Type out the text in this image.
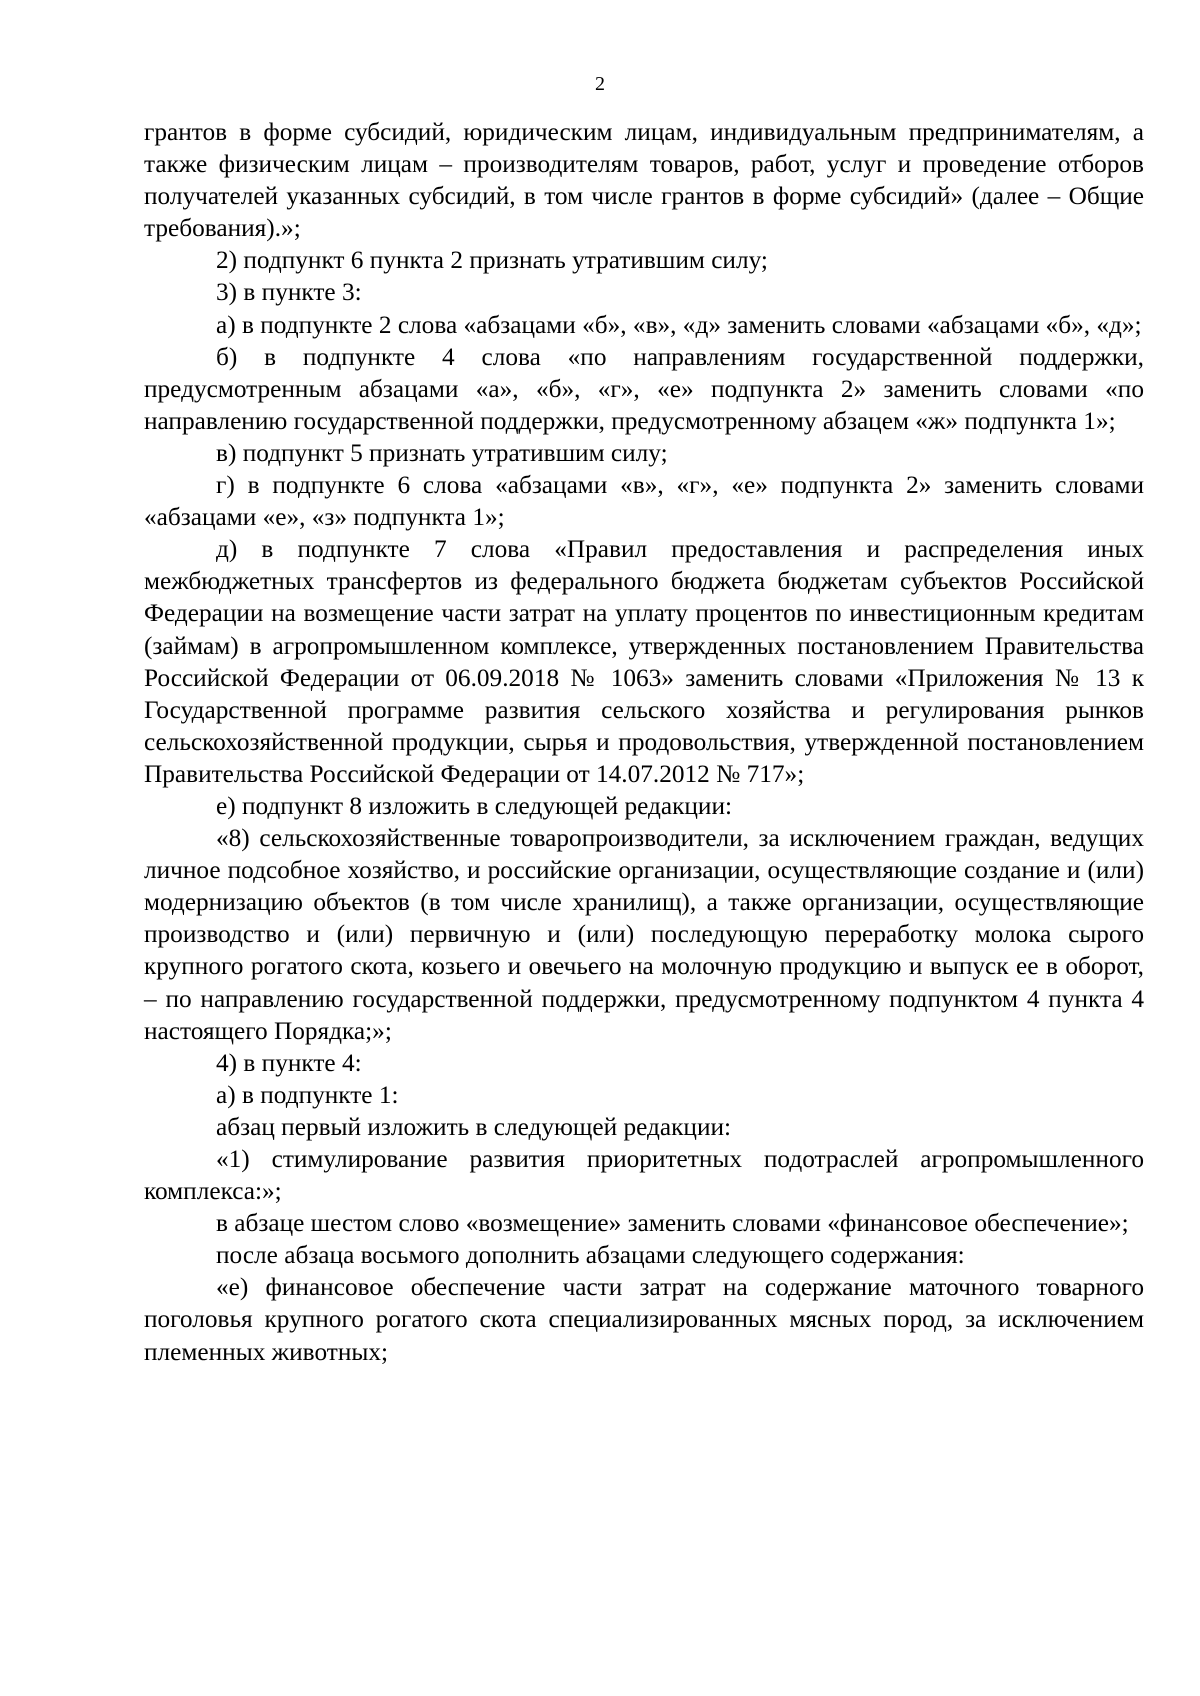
2

грантов в форме субсидий, юридическим лицам, индивидуальным предпринимателям, а также физическим лицам – производителям товаров, работ, услуг и проведение отборов получателей указанных субсидий, в том числе грантов в форме субсидий» (далее – Общие требования).»;

2) подпункт 6 пункта 2 признать утратившим силу;

3) в пункте 3:

а) в подпункте 2 слова «абзацами «б», «в», «д» заменить словами «абзацами «б», «д»;

б) в подпункте 4 слова «по направлениям государственной поддержки, предусмотренным абзацами «а», «б», «г», «е» подпункта 2» заменить словами «по направлению государственной поддержки, предусмотренному абзацем «ж» подпункта 1»;

в) подпункт 5 признать утратившим силу;

г) в подпункте 6 слова «абзацами «в», «г», «е» подпункта 2» заменить словами «абзацами «е», «з» подпункта 1»;

д) в подпункте 7 слова «Правил предоставления и распределения иных межбюджетных трансфертов из федерального бюджета бюджетам субъектов Российской Федерации на возмещение части затрат на уплату процентов по инвестиционным кредитам (займам) в агропромышленном комплексе, утвержденных постановлением Правительства Российской Федерации от 06.09.2018 № 1063» заменить словами «Приложения № 13 к Государственной программе развития сельского хозяйства и регулирования рынков сельскохозяйственной продукции, сырья и продовольствия, утвержденной постановлением Правительства Российской Федерации от 14.07.2012 № 717»;

е) подпункт 8 изложить в следующей редакции:

«8) сельскохозяйственные товаропроизводители, за исключением граждан, ведущих личное подсобное хозяйство, и российские организации, осуществляющие создание и (или) модернизацию объектов (в том числе хранилищ), а также организации, осуществляющие производство и (или) первичную и (или) последующую переработку молока сырого крупного рогатого скота, козьего и овечьего на молочную продукцию и выпуск ее в оборот, – по направлению государственной поддержки, предусмотренному подпунктом 4 пункта 4 настоящего Порядка;»;

4) в пункте 4:

а) в подпункте 1:

абзац первый изложить в следующей редакции:

«1) стимулирование развития приоритетных подотраслей агропромышленного комплекса:»;

в абзаце шестом слово «возмещение» заменить словами «финансовое обеспечение»;

после абзаца восьмого дополнить абзацами следующего содержания:

«е) финансовое обеспечение части затрат на содержание маточного товарного поголовья крупного рогатого скота специализированных мясных пород, за исключением племенных животных;
